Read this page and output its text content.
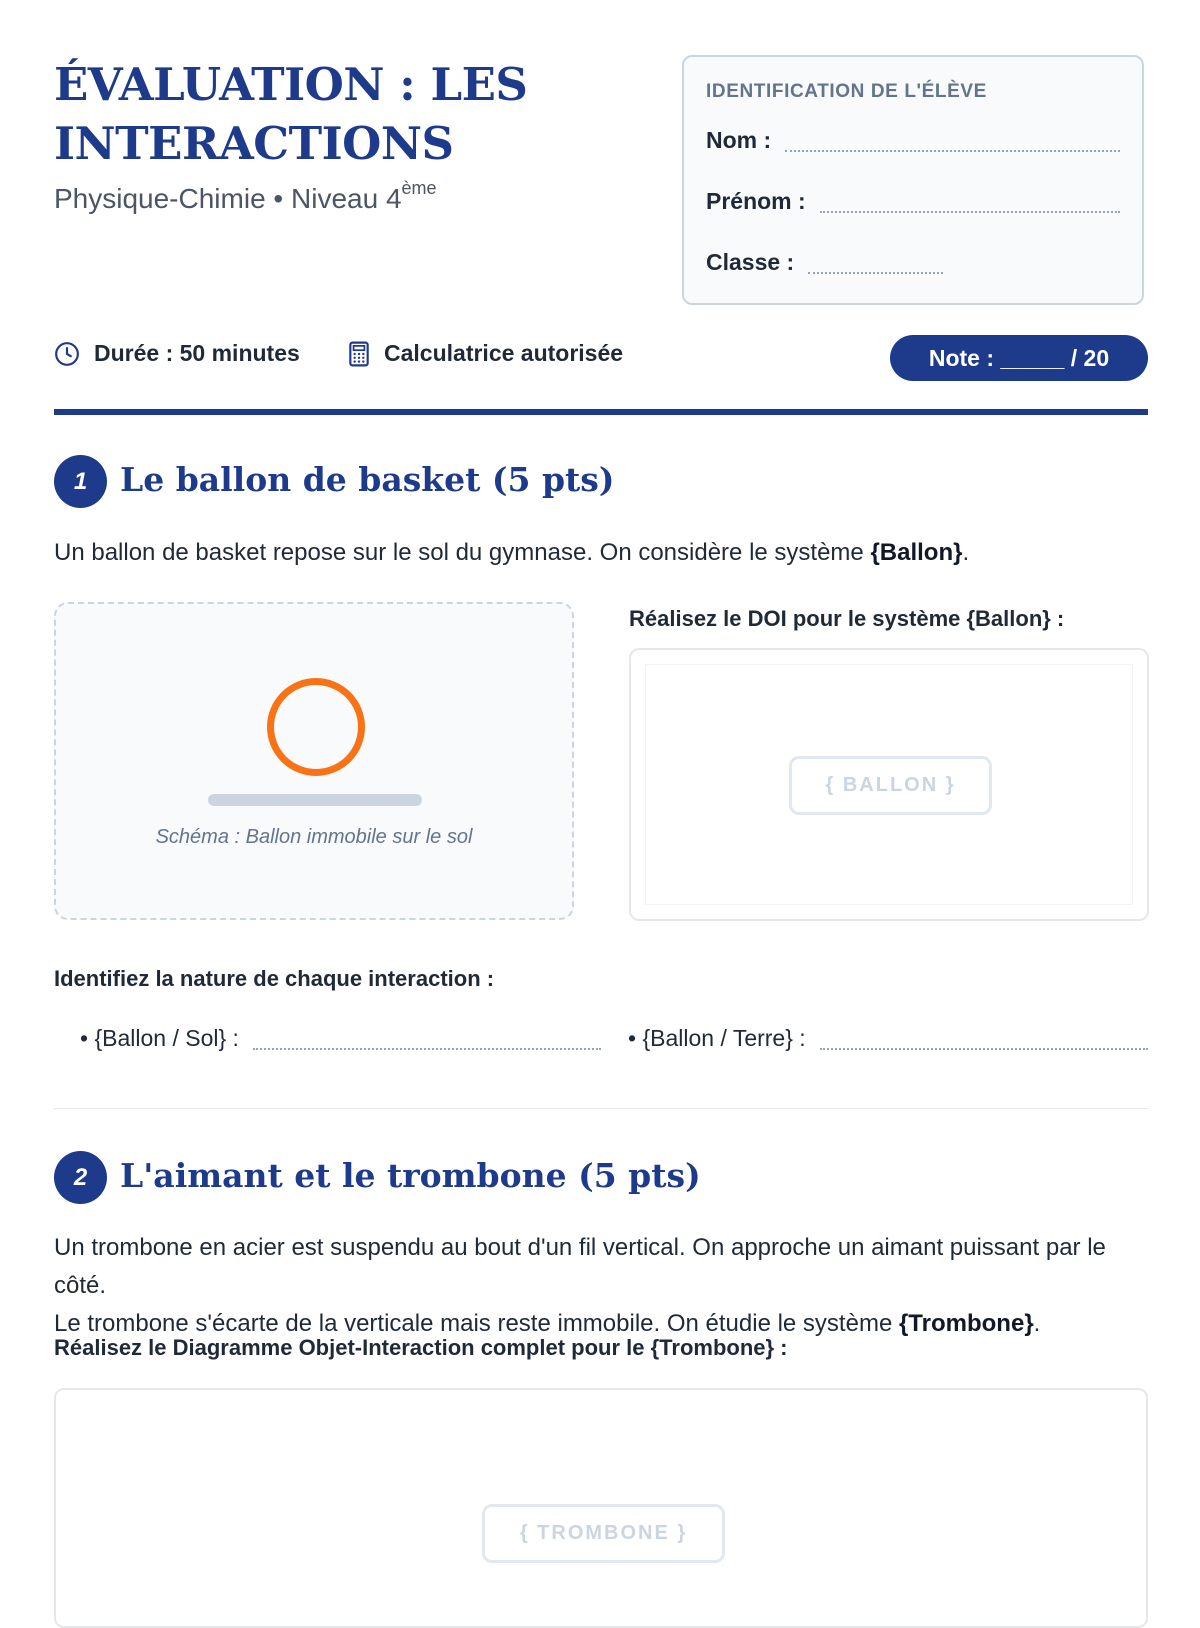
ÉVALUATION : LES INTERACTIONS
Physique-Chimie • Niveau 4ème
IDENTIFICATION DE L'ÉLÈVE
Nom :
Prénom :
Classe :
Durée : 50 minutes	Calculatrice autorisée	Note : _____ / 20
1 Le ballon de basket (5 pts)
Un ballon de basket repose sur le sol du gymnase. On considère le système {Ballon}.
Schéma : Ballon immobile sur le sol
Réalisez le DOI pour le système {Ballon} :
{ BALLON }
Identifiez la nature de chaque interaction :
• {Ballon / Sol} :	• {Ballon / Terre} :
2 L'aimant et le trombone (5 pts)
Un trombone en acier est suspendu au bout d'un fil vertical. On approche un aimant puissant par le côté.
Le trombone s'écarte de la verticale mais reste immobile. On étudie le système {Trombone}.
Réalisez le Diagramme Objet-Interaction complet pour le {Trombone} :
{ TROMBONE }
